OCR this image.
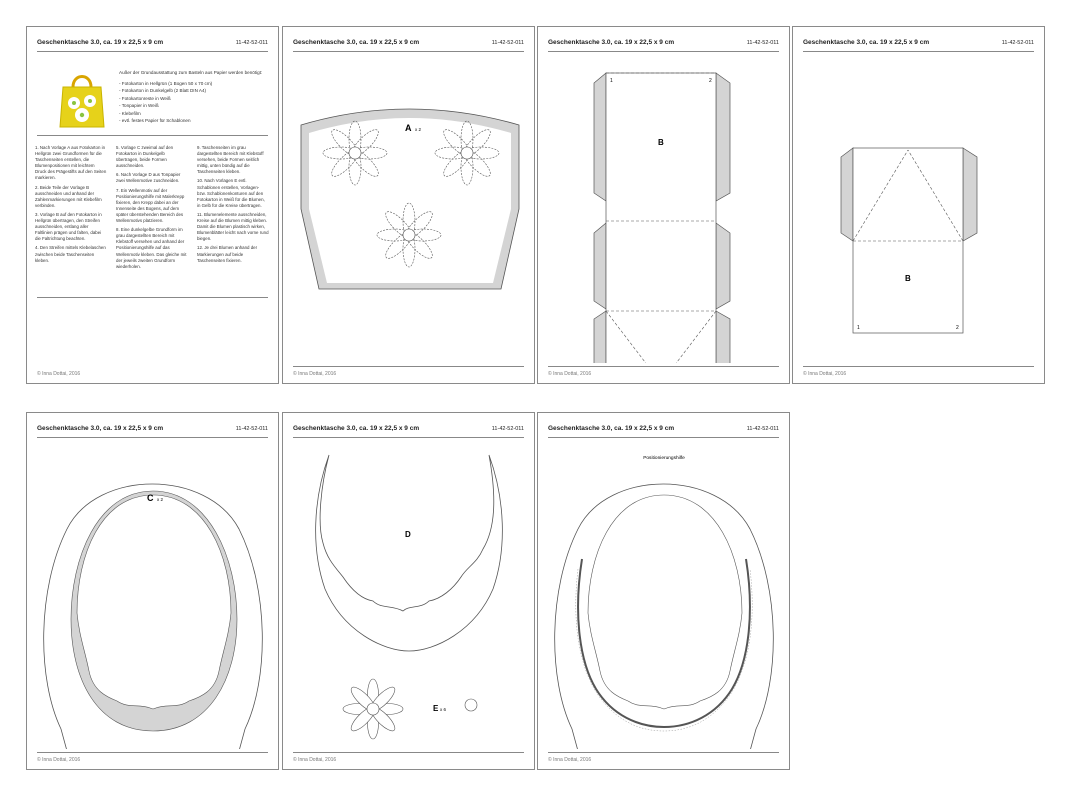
Geschenktasche 3.0, ca. 19 x 22,5 x 9 cm	11-42-52-011
Außer der Grundausstattung zum Basteln aus Papier werden benötigt:
- Fotokarton in Hellgrün (1 Bogen 50 x 70 cm)
- Fotokarton in Dunkelgelb (2 Blatt DIN A4)
- Fotokartonreste in Weiß
- Tonpapier in Weiß
- Klebefilm
- evtl. festes Papier für Schablonen

1. Nach Vorlage A aus Fotokarton in Hellgrün zwei Grundformen für die Taschenseiten erstellen, die Blumenpositionen mit leichtem Druck des Prägestifts auf den Seiten markieren.

2. Beide Teile der Vorlage B ausschneiden und anhand der Zahlenmarkierungen mit Klebefilm verbinden.

3. Vorlage B auf den Fotokarton in Hellgrün übertragen, den Streifen ausschneiden, entlang aller Faltlinien prägen und falten, dabei die Faltrichtung beachten.

4. Den Streifen mittels Klebelaschen zwischen beide Taschenseiten kleben.

5. Vorlage C zweimal auf den Fotokarton in Dunkelgelb übertragen, beide Formen ausschneiden.

6. Nach Vorlage D aus Tonpapier zwei Wellenmotive zuschneiden.

7. Ein Wellenmotiv auf der Positionierungshilfe mit Malerkrepp fixieren, den Krepp dabei an der Innenseite des Bogens, auf dem später überstehenden Bereich des Wellenmotivs platzieren.

8. Eine dunkelgelbe Grundform im grau dargestellten Bereich mit Klebstoff versehen und anhand der Positionierungshilfe auf das Wellenmotiv kleben. Das gleiche mit der jeweils zweiten Grundform wiederholen.

9. Taschenseiten im grau dargestellten Bereich mit Klebstoff versehen, beide Formen seitlich mittig, unten bündig auf die Taschenseiten kleben.

10. Nach Vorlagen E evtl. Schablonen erstellen, Vorlagen- bzw. Schablonenkonturen auf den Fotokarton in Weiß für die Blumen, in Gelb für die Kreise übertragen.

11. Blumenelemente ausschneiden, Kreise auf die Blumen mittig kleben. Damit die Blumen plastisch wirken, Blumenblätter leicht nach vorne rund biegen.

12. Je drei Blumen anhand der Markierungen auf beide Taschenseiten fixieren.

© Inna Dottai, 2016
Geschenktasche 3.0, ca. 19 x 22,5 x 9 cm	11-42-52-011
A x 2
© Inna Dottai, 2016
Geschenktasche 3.0, ca. 19 x 22,5 x 9 cm	11-42-52-011
B
1	2
© Inna Dottai, 2016
Geschenktasche 3.0, ca. 19 x 22,5 x 9 cm	11-42-52-011
B
1	2
© Inna Dottai, 2016
Geschenktasche 3.0, ca. 19 x 22,5 x 9 cm	11-42-52-011
C x 2
© Inna Dottai, 2016
Geschenktasche 3.0, ca. 19 x 22,5 x 9 cm	11-42-52-011
D
E x 6
© Inna Dottai, 2016
Geschenktasche 3.0, ca. 19 x 22,5 x 9 cm	11-42-52-011
Positionierungshilfe
© Inna Dottai, 2016
